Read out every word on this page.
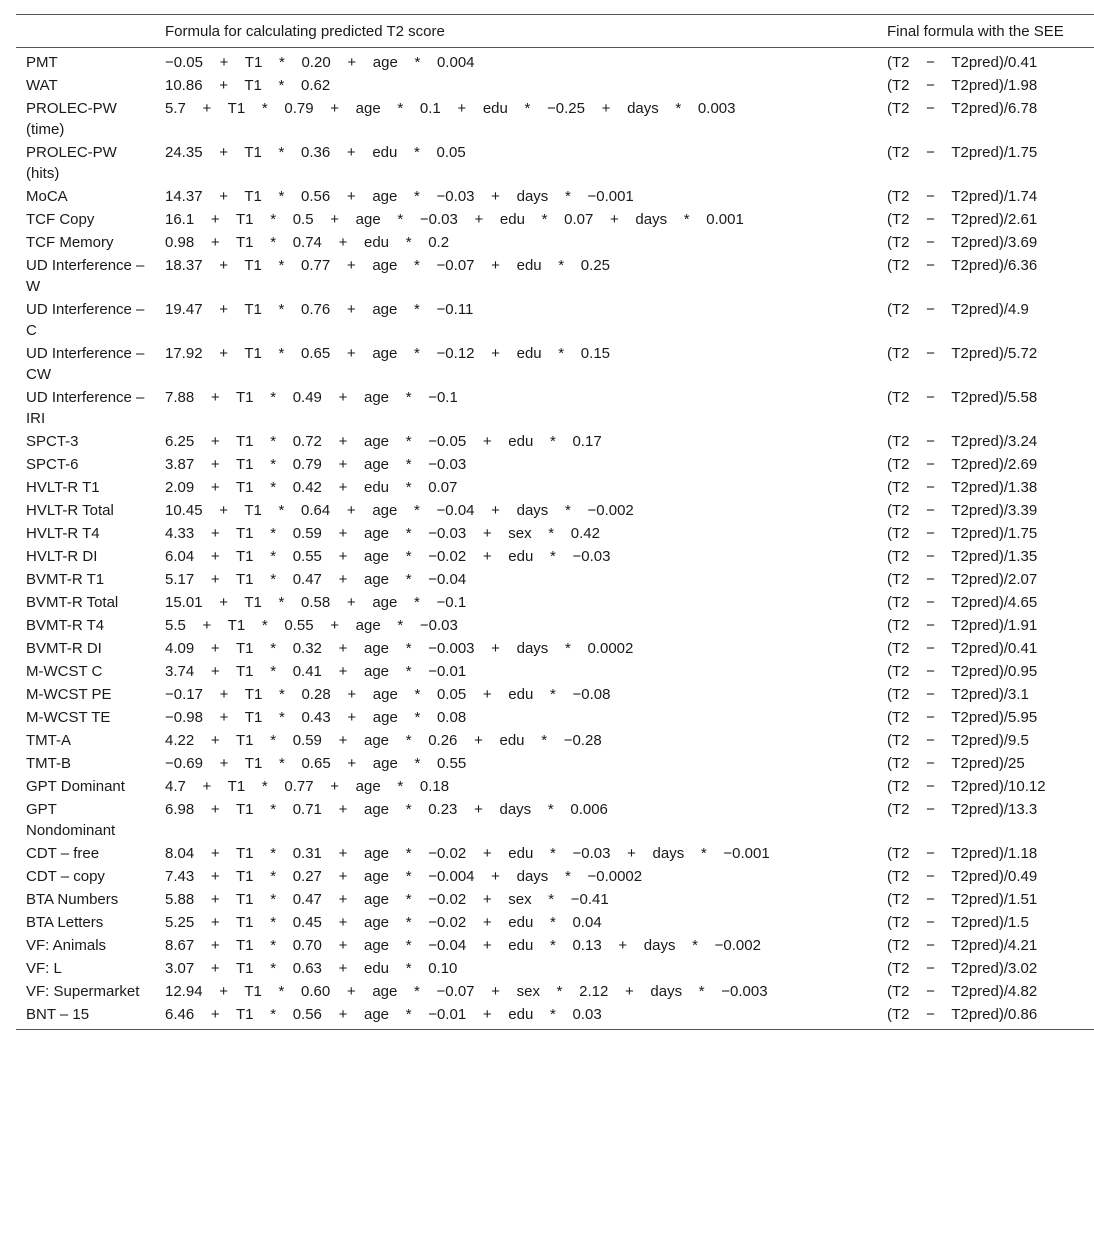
	Formula for calculating predicted T2 score	Final formula with the SEE
PMT	−0.05    +    T1    *    0.20    +    age    *    0.004	(T2    −    T2pred)/0.41
WAT	10.86    +    T1    *    0.62	(T2    −    T2pred)/1.98
PROLEC-PW (time)	5.7    +    T1    *    0.79    +    age    *    0.1    +    edu    *    −0.25    +    days    *    0.003	(T2    −    T2pred)/6.78
PROLEC-PW (hits)	24.35    +    T1    *    0.36    +    edu    *    0.05	(T2    −    T2pred)/1.75
MoCA	14.37    +    T1    *    0.56    +    age    *    −0.03    +    days    *    −0.001	(T2    −    T2pred)/1.74
TCF Copy	16.1    +    T1    *    0.5    +    age    *    −0.03    +    edu    *    0.07    +    days    *    0.001	(T2    −    T2pred)/2.61
TCF Memory	0.98    +    T1    *    0.74    +    edu    *    0.2	(T2    −    T2pred)/3.69
UD Interference – W	18.37    +    T1    *    0.77    +    age    *    −0.07    +    edu    *    0.25	(T2    −    T2pred)/6.36
UD Interference – C	19.47    +    T1    *    0.76    +    age    *    −0.11	(T2    −    T2pred)/4.9
UD Interference – CW	17.92    +    T1    *    0.65    +    age    *    −0.12    +    edu    *    0.15	(T2    −    T2pred)/5.72
UD Interference – IRI	7.88    +    T1    *    0.49    +    age    *    −0.1	(T2    −    T2pred)/5.58
SPCT-3	6.25    +    T1    *    0.72    +    age    *    −0.05    +    edu    *    0.17	(T2    −    T2pred)/3.24
SPCT-6	3.87    +    T1    *    0.79    +    age    *    −0.03	(T2    −    T2pred)/2.69
HVLT-R T1	2.09    +    T1    *    0.42    +    edu    *    0.07	(T2    −    T2pred)/1.38
HVLT-R Total	10.45    +    T1    *    0.64    +    age    *    −0.04    +    days    *    −0.002	(T2    −    T2pred)/3.39
HVLT-R T4	4.33    +    T1    *    0.59    +    age    *    −0.03    +    sex    *    0.42	(T2    −    T2pred)/1.75
HVLT-R DI	6.04    +    T1    *    0.55    +    age    *    −0.02    +    edu    *    −0.03	(T2    −    T2pred)/1.35
BVMT-R T1	5.17    +    T1    *    0.47    +    age    *    −0.04	(T2    −    T2pred)/2.07
BVMT-R Total	15.01    +    T1    *    0.58    +    age    *    −0.1	(T2    −    T2pred)/4.65
BVMT-R T4	5.5    +    T1    *    0.55    +    age    *    −0.03	(T2    −    T2pred)/1.91
BVMT-R DI	4.09    +    T1    *    0.32    +    age    *    −0.003    +    days    *    0.0002	(T2    −    T2pred)/0.41
M-WCST C	3.74    +    T1    *    0.41    +    age    *    −0.01	(T2    −    T2pred)/0.95
M-WCST PE	−0.17    +    T1    *    0.28    +    age    *    0.05    +    edu    *    −0.08	(T2    −    T2pred)/3.1
M-WCST TE	−0.98    +    T1    *    0.43    +    age    *    0.08	(T2    −    T2pred)/5.95
TMT-A	4.22    +    T1    *    0.59    +    age    *    0.26    +    edu    *    −0.28	(T2    −    T2pred)/9.5
TMT-B	−0.69    +    T1    *    0.65    +    age    *    0.55	(T2    −    T2pred)/25
GPT Dominant	4.7    +    T1    *    0.77    +    age    *    0.18	(T2    −    T2pred)/10.12
GPT Nondominant	6.98    +    T1    *    0.71    +    age    *    0.23    +    days    *    0.006	(T2    −    T2pred)/13.3
CDT – free	8.04    +    T1    *    0.31    +    age    *    −0.02    +    edu    *    −0.03    +    days    *    −0.001	(T2    −    T2pred)/1.18
CDT – copy	7.43    +    T1    *    0.27    +    age    *    −0.004    +    days    *    −0.0002	(T2    −    T2pred)/0.49
BTA Numbers	5.88    +    T1    *    0.47    +    age    *    −0.02    +    sex    *    −0.41	(T2    −    T2pred)/1.51
BTA Letters	5.25    +    T1    *    0.45    +    age    *    −0.02    +    edu    *    0.04	(T2    −    T2pred)/1.5
VF: Animals	8.67    +    T1    *    0.70    +    age    *    −0.04    +    edu    *    0.13    +    days    *    −0.002	(T2    −    T2pred)/4.21
VF: L	3.07    +    T1    *    0.63    +    edu    *    0.10	(T2    −    T2pred)/3.02
VF: Supermarket	12.94    +    T1    *    0.60    +    age    *    −0.07    +    sex    *    2.12    +    days    *    −0.003	(T2    −    T2pred)/4.82
BNT – 15	6.46    +    T1    *    0.56    +    age    *    −0.01    +    edu    *    0.03	(T2    −    T2pred)/0.86
